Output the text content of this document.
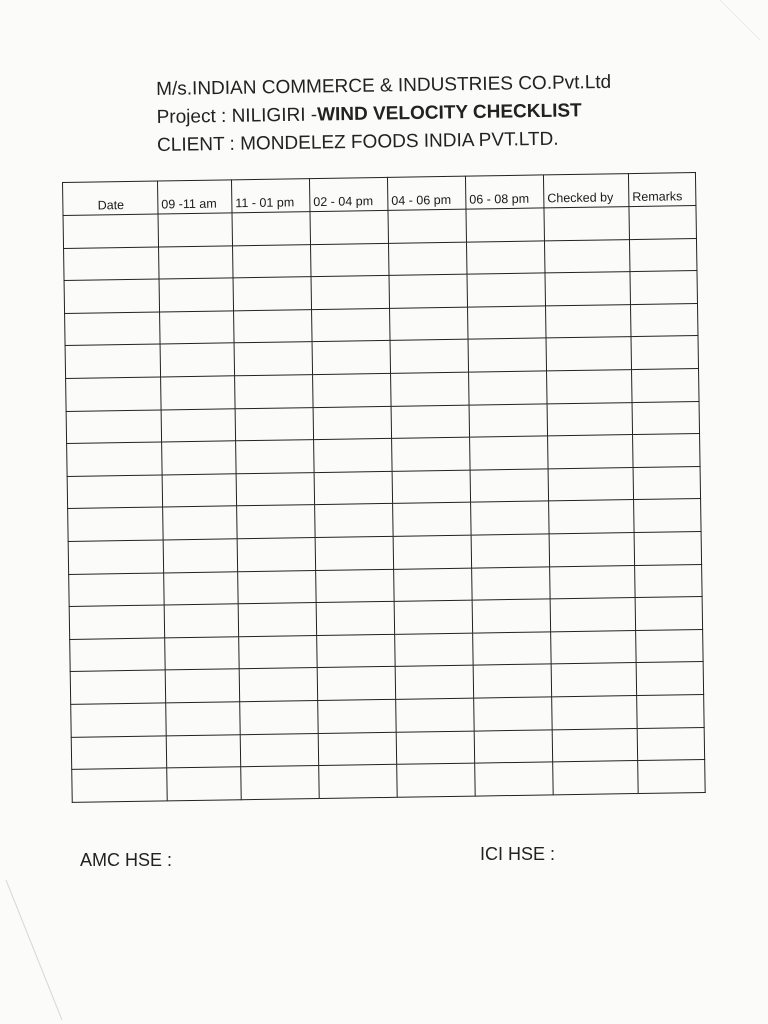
M/s.INDIAN COMMERCE & INDUSTRIES CO.Pvt.Ltd
Project : NILIGIRI -WIND VELOCITY CHECKLIST
CLIENT : MONDELEZ FOODS INDIA PVT.LTD.
Date	09 -11 am	11 - 01 pm	02 - 04 pm	04 - 06 pm	06 - 08 pm	Checked by	Remarks

AMC HSE :	ICI HSE :
